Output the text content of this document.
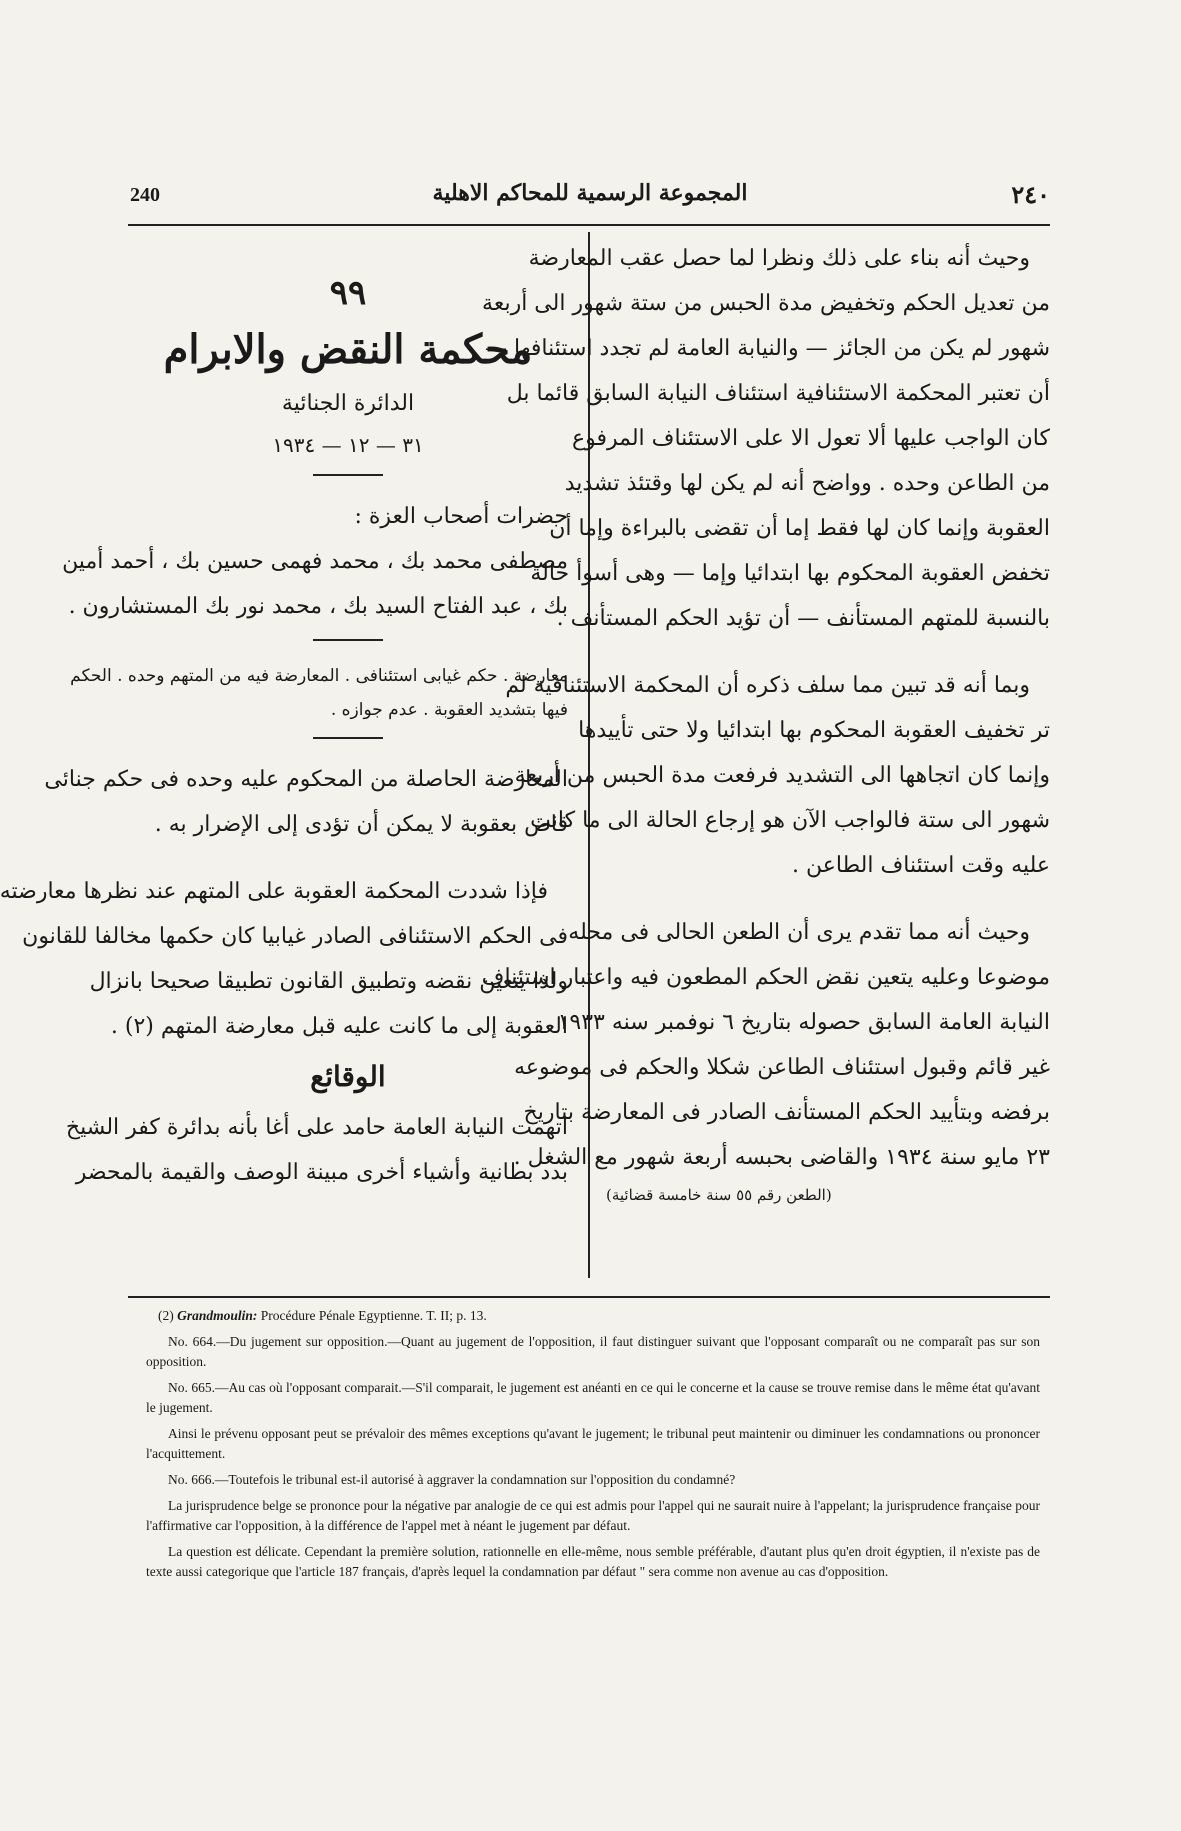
240	المجموعة الرسمية للمحاكم الاهلية	٢٤٠
٩٩
محكمة النقض والابرام
الدائرة الجنائية
٣١ — ١٢ — ١٩٣٤
حضرات أصحاب العزة :
مصطفى محمد بك ، محمد فهمى حسين بك ، أحمد أمين
بك ، عبد الفتاح السيد بك ، محمد نور بك المستشارون .
معارضة . حكم غيابى استئنافى . المعارضة فيه من المتهم وحده . الحكم
فيها بتشديد العقوبة . عدم جوازه .
المعارضة الحاصلة من المحكوم عليه وحده فى حكم جنائى
قاض بعقوبة لا يمكن أن تؤدى إلى الإضرار به .
فإذا شددت المحكمة العقوبة على المتهم عند نظرها معارضته
فى الحكم الاستئنافى الصادر غيابيا كان حكمها مخالفا للقانون
ولذا يتعين نقضه وتطبيق القانون تطبيقا صحيحا بانزال
العقوبة إلى ما كانت عليه قبل معارضة المتهم (٢) .
الوقائع
اتهمت النيابة العامة حامد على أغا بأنه بدائرة كفر الشيخ
بدد بطانية وأشياء أخرى مبينة الوصف والقيمة بالمحضر
وحيث أنه بناء على ذلك ونظرا لما حصل عقب المعارضة
من تعديل الحكم وتخفيض مدة الحبس من ستة شهور الى أربعة
شهور لم يكن من الجائز — والنيابة العامة لم تجدد استئنافها —
أن تعتبر المحكمة الاستئنافية استئناف النيابة السابق قائما بل
كان الواجب عليها ألا تعول الا على الاستئناف المرفوع
من الطاعن وحده . وواضح أنه لم يكن لها وقتئذ تشديد
العقوبة وإنما كان لها فقط إما أن تقضى بالبراءة وإما أن
تخفض العقوبة المحكوم بها ابتدائيا وإما — وهى أسوأ حالة
بالنسبة للمتهم المستأنف — أن تؤيد الحكم المستأنف .
وبما أنه قد تبين مما سلف ذكره أن المحكمة الاستئنافية لم
تر تخفيف العقوبة المحكوم بها ابتدائيا ولا حتى تأييدها
وإنما كان اتجاهها الى التشديد فرفعت مدة الحبس من أربعة
شهور الى ستة فالواجب الآن هو إرجاع الحالة الى ما كانت
عليه وقت استئناف الطاعن .
وحيث أنه مما تقدم يرى أن الطعن الحالى فى محله
موضوعا وعليه يتعين نقض الحكم المطعون فيه واعتبار استئناف
النيابة العامة السابق حصوله بتاريخ ٦ نوفمبر سنه ١٩٣٣
غير قائم وقبول استئناف الطاعن شكلا والحكم فى موضوعه
برفضه وبتأييد الحكم المستأنف الصادر فى المعارضة بتاريخ
٢٣ مايو سنة ١٩٣٤ والقاضى بحبسه أربعة شهور مع الشغل .
(الطعن رقم ٥٥ سنة خامسة قضائية)

(2) Grandmoulin: Procédure Pénale Egyptienne. T. II; p. 13.

No. 664.—Du jugement sur opposition.—Quant au jugement de l'opposition, il faut distinguer suivant que l'opposant comparaît ou ne comparaît pas sur son opposition.

No. 665.—Au cas où l'opposant comparait.—S'il comparait, le jugement est anéanti en ce qui le concerne et la cause se trouve remise dans le même état qu'avant le jugement.

Ainsi le prévenu opposant peut se prévaloir des mêmes exceptions qu'avant le jugement; le tribunal peut maintenir ou diminuer les condamnations ou prononcer l'acquittement.

No. 666.—Toutefois le tribunal est-il autorisé à aggraver la condamnation sur l'opposition du condamné?

La jurisprudence belge se prononce pour la négative par analogie de ce qui est admis pour l'appel qui ne saurait nuire à l'appelant; la jurisprudence française pour l'affirmative car l'opposition, à la différence de l'appel met à néant le jugement par défaut.

La question est délicate. Cependant la première solution, rationnelle en elle-même, nous semble préférable, d'autant plus qu'en droit égyptien, il n'existe pas de texte aussi categorique que l'article 187 français, d'après lequel la condamnation par défaut " sera comme non avenue au cas d'opposition.
